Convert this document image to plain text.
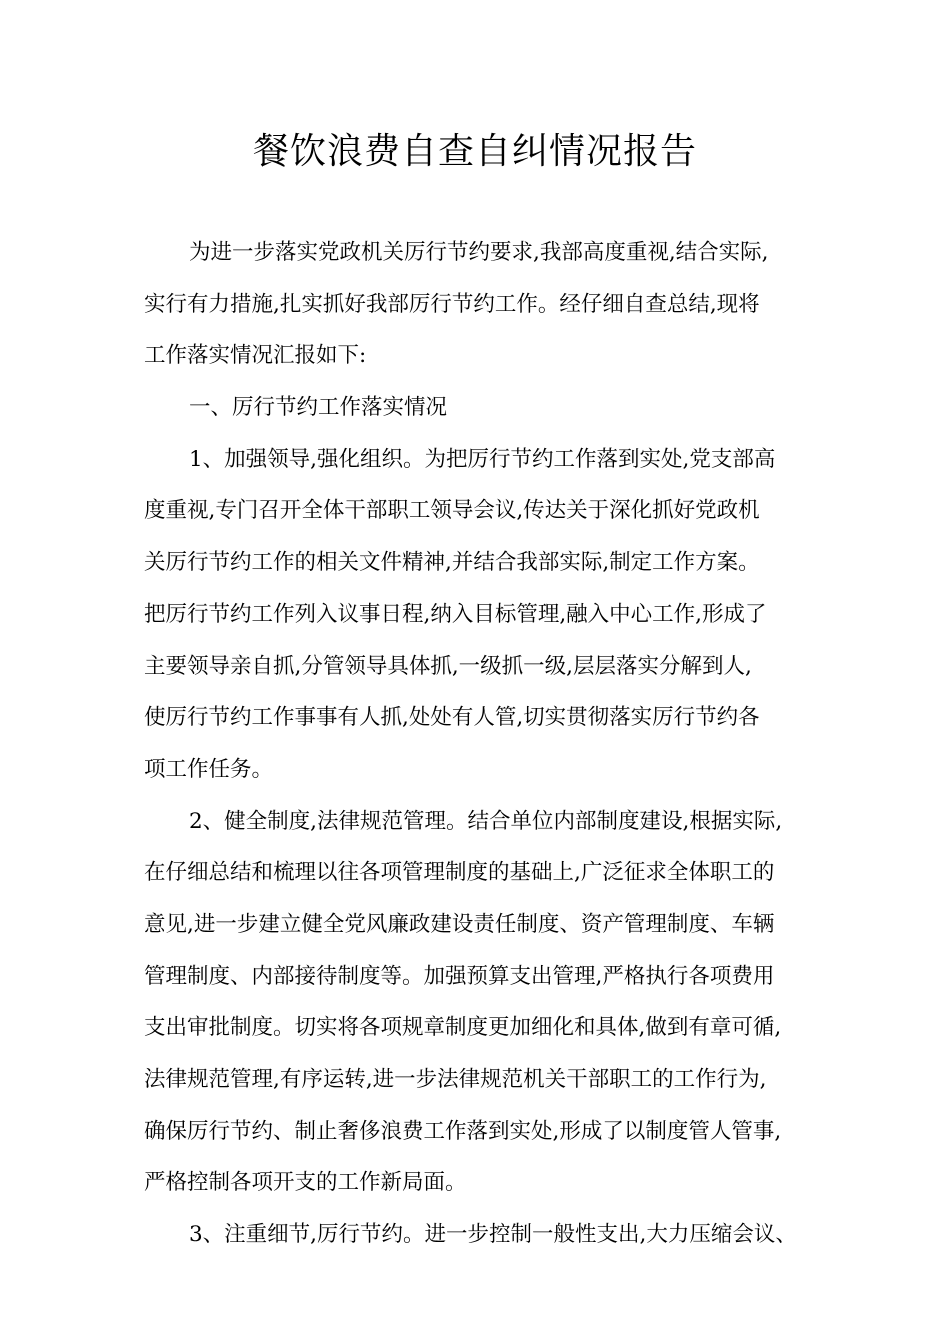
餐饮浪费自查自纠情况报告
为进一步落实党政机关厉行节约要求,我部高度重视,结合实际,
实行有力措施,扎实抓好我部厉行节约工作。经仔细自查总结,现将
工作落实情况汇报如下:
一、厉行节约工作落实情况
1、加强领导,强化组织。为把厉行节约工作落到实处,党支部高
度重视,专门召开全体干部职工领导会议,传达关于深化抓好党政机
关厉行节约工作的相关文件精神,并结合我部实际,制定工作方案。
把厉行节约工作列入议事日程,纳入目标管理,融入中心工作,形成了
主要领导亲自抓,分管领导具体抓,一级抓一级,层层落实分解到人,
使厉行节约工作事事有人抓,处处有人管,切实贯彻落实厉行节约各
项工作任务。
2、健全制度,法律规范管理。结合单位内部制度建设,根据实际,
在仔细总结和梳理以往各项管理制度的基础上,广泛征求全体职工的
意见,进一步建立健全党风廉政建设责任制度、资产管理制度、车辆
管理制度、内部接待制度等。加强预算支出管理,严格执行各项费用
支出审批制度。切实将各项规章制度更加细化和具体,做到有章可循,
法律规范管理,有序运转,进一步法律规范机关干部职工的工作行为,
确保厉行节约、制止奢侈浪费工作落到实处,形成了以制度管人管事,
严格控制各项开支的工作新局面。
3、注重细节,厉行节约。进一步控制一般性支出,大力压缩会议、
